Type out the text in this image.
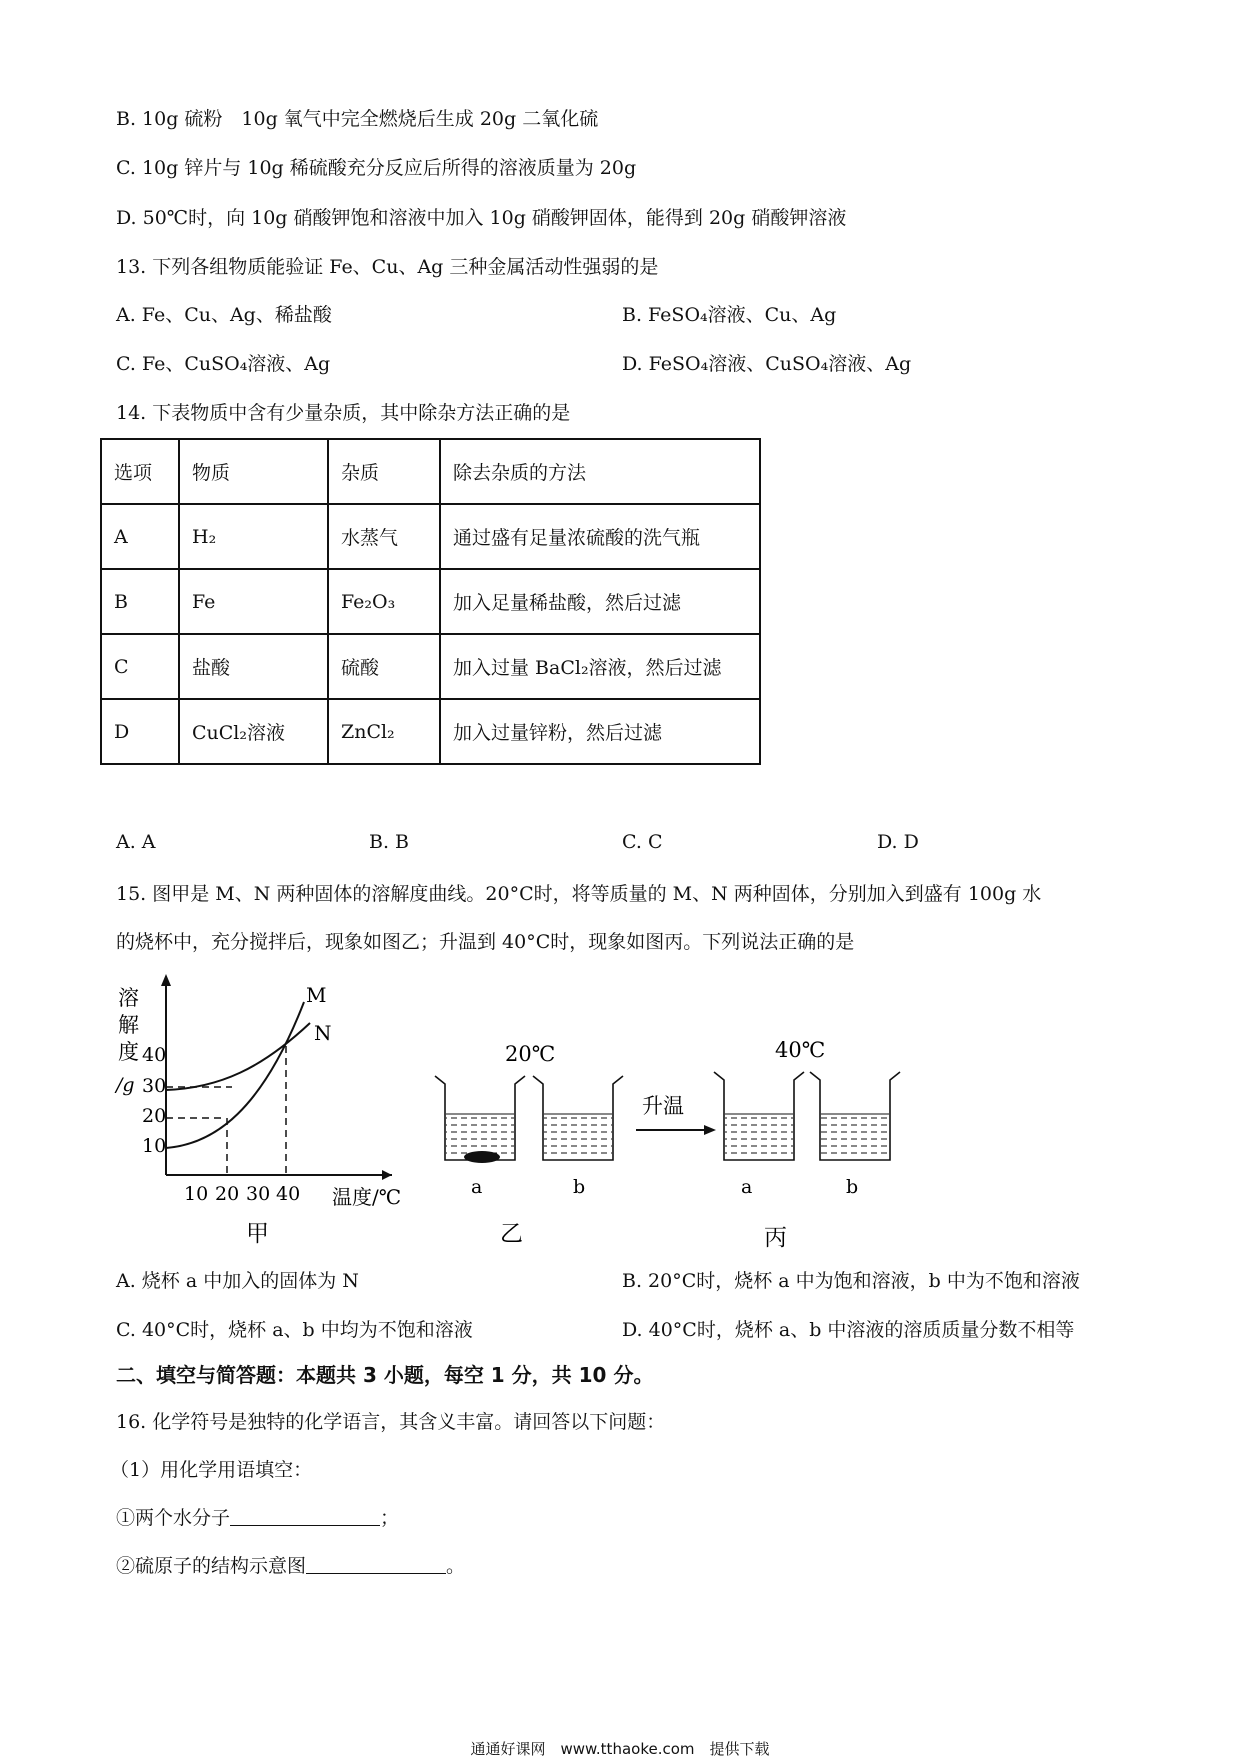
B. 10g 硫粉　10g 氧气中完全燃烧后生成 20g 二氧化硫
C. 10g 锌片与 10g 稀硫酸充分反应后所得的溶液质量为 20g
D. 50℃时，向 10g 硝酸钾饱和溶液中加入 10g 硝酸钾固体，能得到 20g 硝酸钾溶液
13. 下列各组物质能验证 Fe、Cu、Ag 三种金属活动性强弱的是
A. Fe、Cu、Ag、稀盐酸	B. FeSO₄溶液、Cu、Ag
C. Fe、CuSO₄溶液、Ag	D. FeSO₄溶液、CuSO₄溶液、Ag
14. 下表物质中含有少量杂质，其中除杂方法正确的是
选项	物质	杂质	除去杂质的方法
A	H₂	水蒸气	通过盛有足量浓硫酸的洗气瓶
B	Fe	Fe₂O₃	加入足量稀盐酸，然后过滤
C	盐酸	硫酸	加入过量 BaCl₂溶液，然后过滤
D	CuCl₂溶液	ZnCl₂	加入过量锌粉，然后过滤
A. A	B. B	C. C	D. D
15. 图甲是 M、N 两种固体的溶解度曲线。20°C时，将等质量的 M、N 两种固体，分别加入到盛有 100g 水
的烧杯中，充分搅拌后，现象如图乙；升温到 40°C时，现象如图丙。下列说法正确的是
溶
解
度
/g
40
30
20
10
10 20 30 40 温度/℃
M
N
甲
20℃
a	b
乙
升温
40℃
a	b
丙
A. 烧杯 a 中加入的固体为 N	B. 20°C时，烧杯 a 中为饱和溶液，b 中为不饱和溶液
C. 40°C时，烧杯 a、b 中均为不饱和溶液	D. 40°C时，烧杯 a、b 中溶液的溶质质量分数不相等
二、填空与简答题：本题共 3 小题，每空 1 分，共 10 分。
16. 化学符号是独特的化学语言，其含义丰富。请回答以下问题：
（1）用化学用语填空：
①两个水分子	；
②硫原子的结构示意图	。
通通好课网　www.tthaoke.com　提供下载
